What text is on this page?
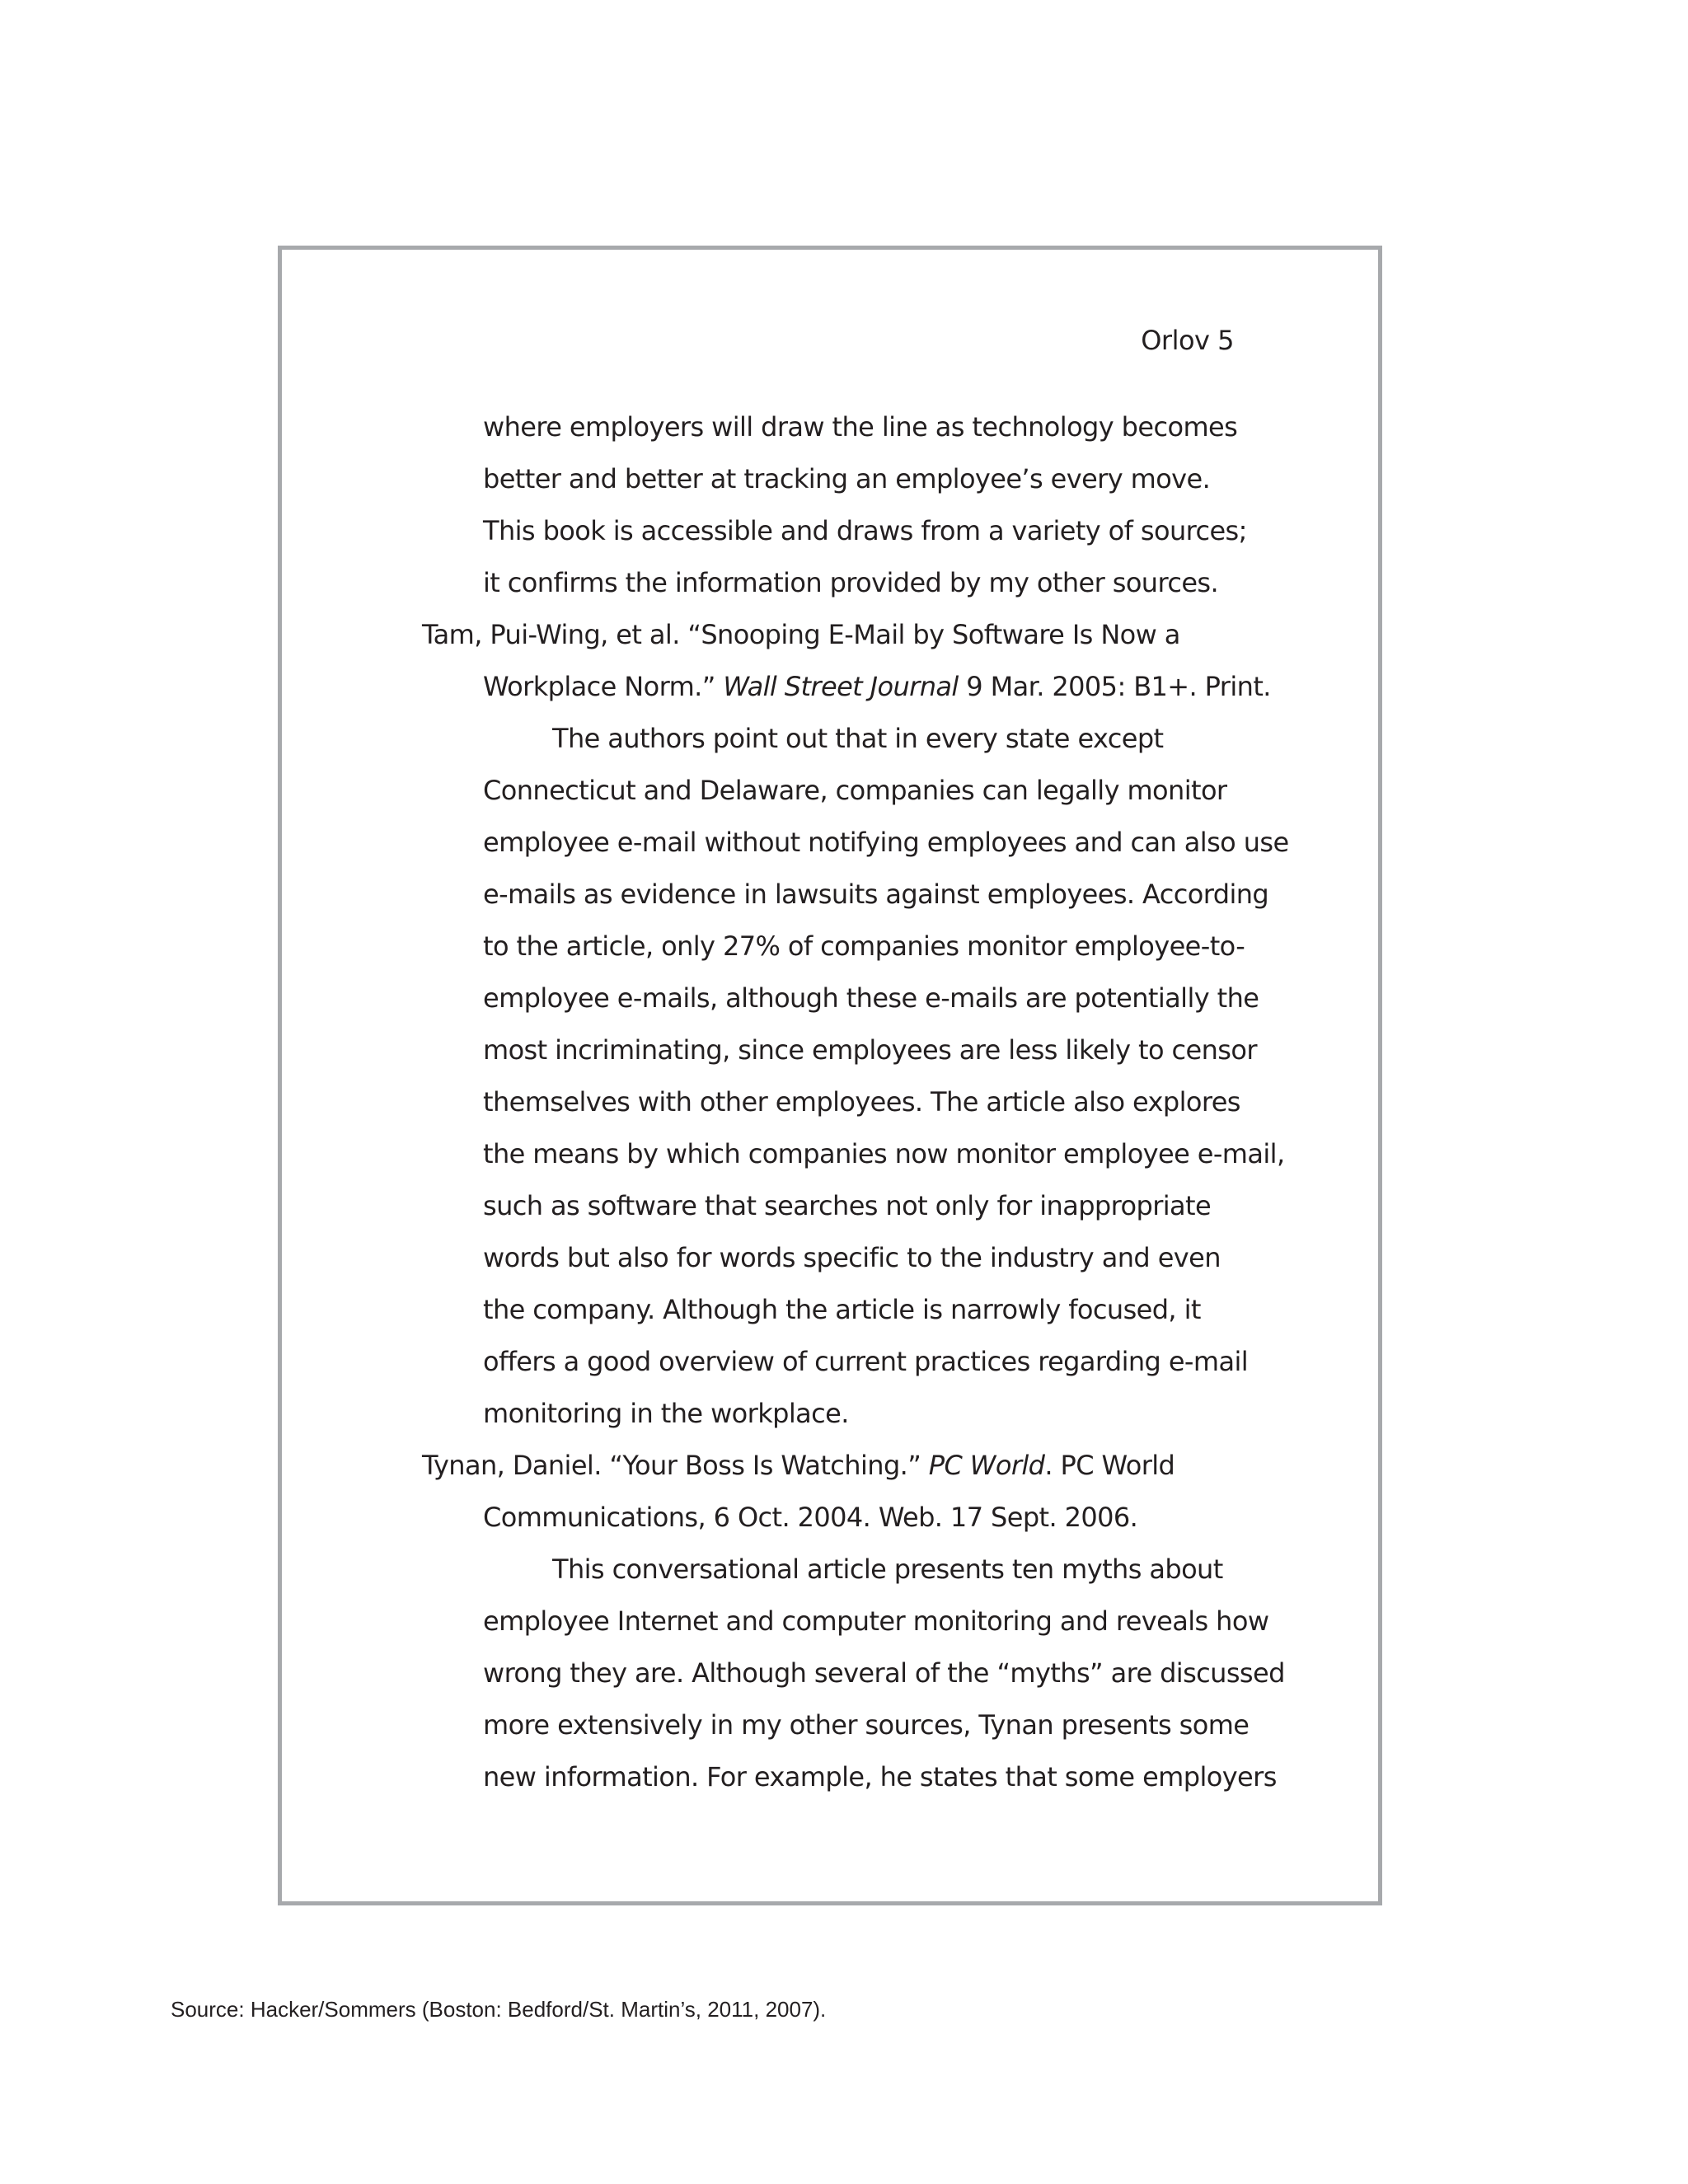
Orlov 5
where employers will draw the line as technology becomes
better and better at tracking an employee’s every move.
This book is accessible and draws from a variety of sources;
it confirms the information provided by my other sources.
Tam, Pui-Wing, et al. “Snooping E-Mail by Software Is Now a
Workplace Norm.” Wall Street Journal 9 Mar. 2005: B1+. Print.
The authors point out that in every state except
Connecticut and Delaware, companies can legally monitor
employee e-mail without notifying employees and can also use
e-mails as evidence in lawsuits against employees. According
to the article, only 27% of companies monitor employee-to-
employee e-mails, although these e-mails are potentially the
most incriminating, since employees are less likely to censor
themselves with other employees. The article also explores
the means by which companies now monitor employee e-mail,
such as software that searches not only for inappropriate
words but also for words specific to the industry and even
the company. Although the article is narrowly focused, it
offers a good overview of current practices regarding e-mail
monitoring in the workplace.
Tynan, Daniel. “Your Boss Is Watching.” PC World. PC World
Communications, 6 Oct. 2004. Web. 17 Sept. 2006.
This conversational article presents ten myths about
employee Internet and computer monitoring and reveals how
wrong they are. Although several of the “myths” are discussed
more extensively in my other sources, Tynan presents some
new information. For example, he states that some employers
Source: Hacker/Sommers (Boston: Bedford/St. Martin’s, 2011, 2007).
